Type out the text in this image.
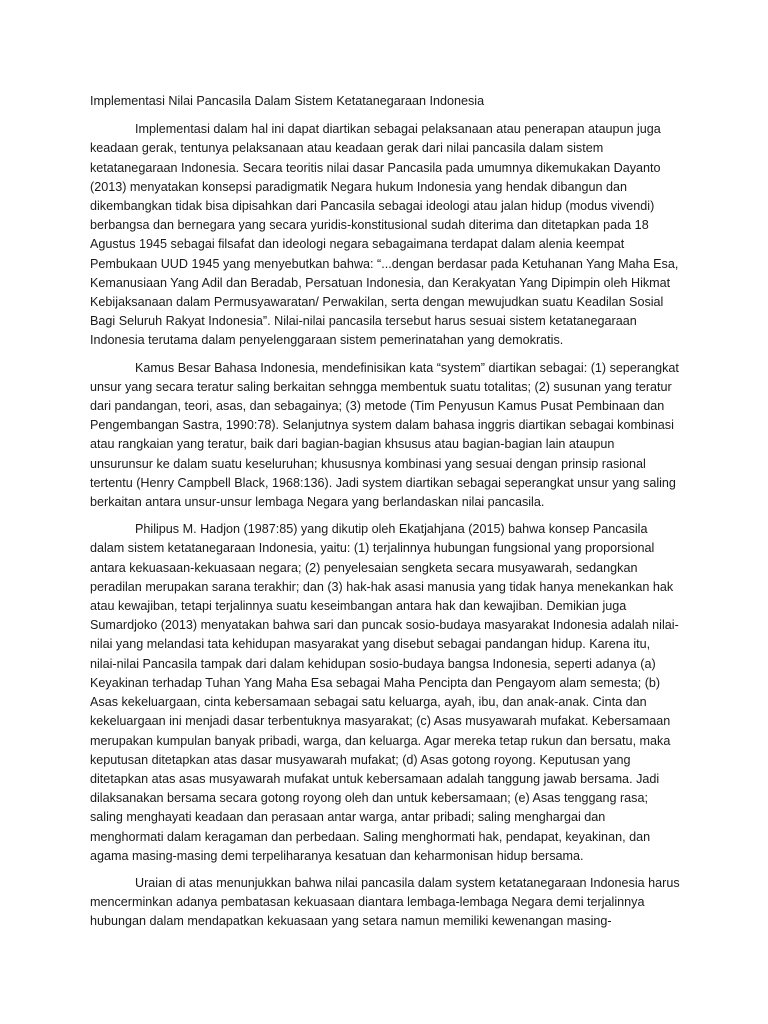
Implementasi Nilai Pancasila Dalam Sistem Ketatanegaraan Indonesia

Implementasi dalam hal ini dapat diartikan sebagai pelaksanaan atau penerapan ataupun juga keadaan gerak, tentunya pelaksanaan atau keadaan gerak dari nilai pancasila dalam sistem ketatanegaraan Indonesia. Secara teoritis nilai dasar Pancasila pada umumnya dikemukakan Dayanto (2013) menyatakan konsepsi paradigmatik Negara hukum Indonesia yang hendak dibangun dan dikembangkan tidak bisa dipisahkan dari Pancasila sebagai ideologi atau jalan hidup (modus vivendi) berbangsa dan bernegara yang secara yuridis-konstitusional sudah diterima dan ditetapkan pada 18 Agustus 1945 sebagai filsafat dan ideologi negara sebagaimana terdapat dalam alenia keempat Pembukaan UUD 1945 yang menyebutkan bahwa: “...dengan berdasar pada Ketuhanan Yang Maha Esa, Kemanusiaan Yang Adil dan Beradab, Persatuan Indonesia, dan Kerakyatan Yang Dipimpin oleh Hikmat Kebijaksanaan dalam Permusyawaratan/ Perwakilan, serta dengan mewujudkan suatu Keadilan Sosial Bagi Seluruh Rakyat Indonesia”. Nilai-nilai pancasila tersebut harus sesuai sistem ketatanegaraan Indonesia terutama dalam penyelenggaraan sistem pemerinatahan yang demokratis.

Kamus Besar Bahasa Indonesia, mendefinisikan kata “system” diartikan sebagai: (1) seperangkat unsur yang secara teratur saling berkaitan sehngga membentuk suatu totalitas; (2) susunan yang teratur dari pandangan, teori, asas, dan sebagainya; (3) metode (Tim Penyusun Kamus Pusat Pembinaan dan Pengembangan Sastra, 1990:78). Selanjutnya system dalam bahasa inggris diartikan sebagai kombinasi atau rangkaian yang teratur, baik dari bagian-bagian khsusus atau bagian-bagian lain ataupun unsurunsur ke dalam suatu keseluruhan; khususnya kombinasi yang sesuai dengan prinsip rasional tertentu (Henry Campbell Black, 1968:136). Jadi system diartikan sebagai seperangkat unsur yang saling berkaitan antara unsur-unsur lembaga Negara yang berlandaskan nilai pancasila.

Philipus M. Hadjon (1987:85) yang dikutip oleh Ekatjahjana (2015) bahwa konsep Pancasila dalam sistem ketatanegaraan Indonesia, yaitu: (1) terjalinnya hubungan fungsional yang proporsional antara kekuasaan-kekuasaan negara; (2) penyelesaian sengketa secara musyawarah, sedangkan peradilan merupakan sarana terakhir; dan (3) hak-hak asasi manusia yang tidak hanya menekankan hak atau kewajiban, tetapi terjalinnya suatu keseimbangan antara hak dan kewajiban. Demikian juga Sumardjoko (2013) menyatakan bahwa sari dan puncak sosio-budaya masyarakat Indonesia adalah nilai-nilai yang melandasi tata kehidupan masyarakat yang disebut sebagai pandangan hidup. Karena itu, nilai-nilai Pancasila tampak dari dalam kehidupan sosio-budaya bangsa Indonesia, seperti adanya (a) Keyakinan terhadap Tuhan Yang Maha Esa sebagai Maha Pencipta dan Pengayom alam semesta; (b) Asas kekeluargaan, cinta kebersamaan sebagai satu keluarga, ayah, ibu, dan anak-anak. Cinta dan kekeluargaan ini menjadi dasar terbentuknya masyarakat; (c) Asas musyawarah mufakat. Kebersamaan merupakan kumpulan banyak pribadi, warga, dan keluarga. Agar mereka tetap rukun dan bersatu, maka keputusan ditetapkan atas dasar musyawarah mufakat; (d) Asas gotong royong. Keputusan yang ditetapkan atas asas musyawarah mufakat untuk kebersamaan adalah tanggung jawab bersama. Jadi dilaksanakan bersama secara gotong royong oleh dan untuk kebersamaan; (e) Asas tenggang rasa; saling menghayati keadaan dan perasaan antar warga, antar pribadi; saling menghargai dan menghormati dalam keragaman dan perbedaan. Saling menghormati hak, pendapat, keyakinan, dan agama masing-masing demi terpeliharanya kesatuan dan keharmonisan hidup bersama.

Uraian di atas menunjukkan bahwa nilai pancasila dalam system ketatanegaraan Indonesia harus mencerminkan adanya pembatasan kekuasaan diantara lembaga-lembaga Negara demi terjalinnya hubungan dalam mendapatkan kekuasaan yang setara namun memiliki kewenangan masing-
